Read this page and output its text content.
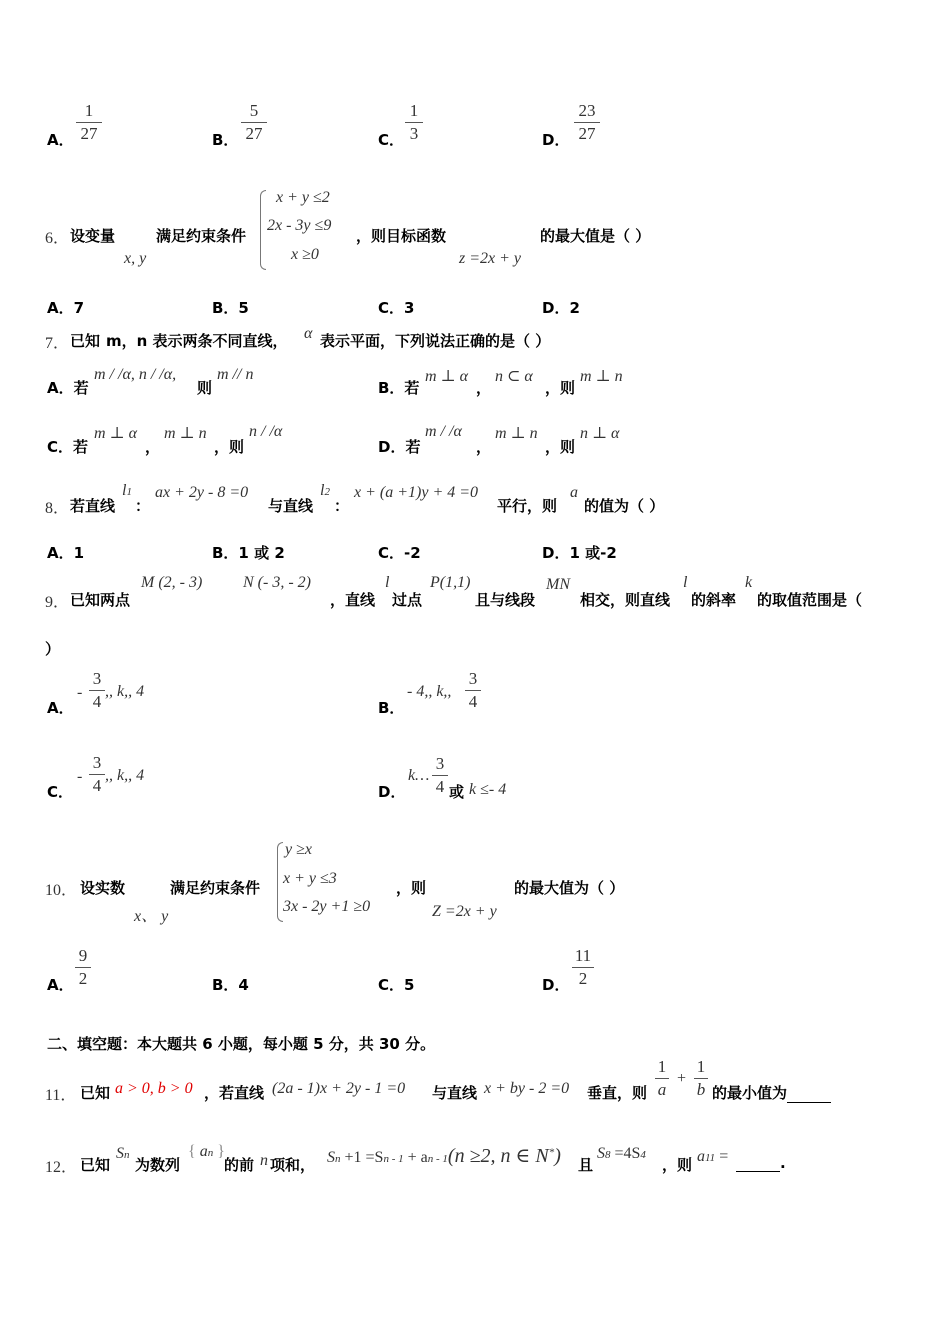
A． $\frac{1}{27}$	B． $\frac{5}{27}$	C． $\frac{1}{3}$	D． $\frac{23}{27}$
6． 设变量
x, y
满足约束条件
x + y ≤2
2x - 3y ≤9
x ≥0
，则目标函数
z =2x + y
的最大值是（ ）
A．7	B．5	C．3	D．2
7． 已知 m，n 表示两条不同直线， α 表示平面，下列说法正确的是（ ）
A．若
m / /α, n / /α,
则
m // n
B．若
m ⊥ α
，
n ⊂ α
，则
m ⊥ n
C．若
m ⊥ α
，
m ⊥ n
，则
n / /α
D．若
m / /α
，
m ⊥ n
，则
n ⊥ α
8． 若直线
l1
：
ax + 2y - 8 =0
与直线
l2
：
x + (a +1)y + 4 =0
平行，则
a
的值为（ ）
A．1	B．1 或 2	C．-2	D．1 或-2
9． 已知两点
M (2, - 3)	N (- 3, - 2)
，直线
l
过点
P(1,1)
且与线段
MN
相交，则直线
l
的斜率
k
的取值范围是（
）
A．
- $\frac{3}{4}$ ,, k,, 4
B．
- 4,, k,, $\frac{3}{4}$
C．
- $\frac{3}{4}$ ,, k,, 4
D．
k… $\frac{3}{4}$ 或 k ≤- 4
10． 设实数
x、 y
满足约束条件
y ≥x
x + y ≤3
3x - 2y +1 ≥0
，则
Z =2x + y
的最大值为（ ）
A． $\frac{9}{2}$	B．4	C．5	D． $\frac{11}{2}$
二、填空题：本大题共 6 小题，每小题 5 分，共 30 分。
11． 已知 a > 0, b > 0 ，若直线 (2a - 1)x + 2y - 1 =0 与直线 x + by - 2 =0 垂直，则 $\frac{1}{a} + \frac{1}{b}$ 的最小值为
12． 已知
Sn
为数列
{ an }
的前 n 项和， Sn +1 =Sn - 1 + an - 1(n ≥2, n ∈ N*) 且
S8 =4S4
，则 a11 =	.
